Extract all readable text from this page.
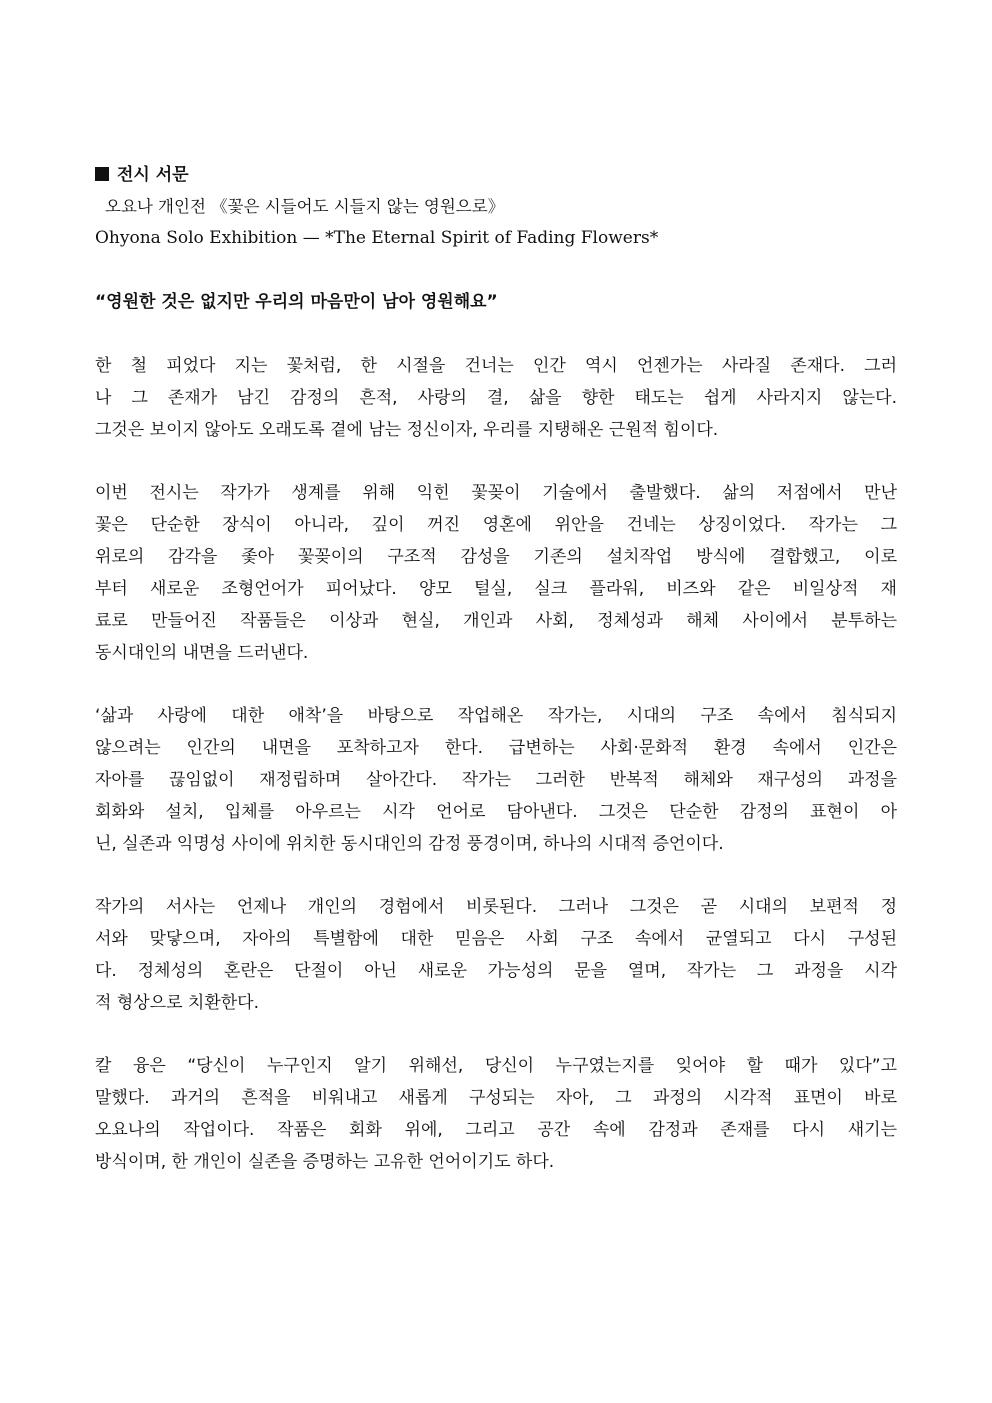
전시 서문
오요나 개인전 《꽃은 시들어도 시들지 않는 영원으로》
Ohyona Solo Exhibition — *The Eternal Spirit of Fading Flowers*
“영원한 것은 없지만 우리의 마음만이 남아 영원해요”
한 철 피었다 지는 꽃처럼, 한 시절을 건너는 인간 역시 언젠가는 사라질 존재다. 그러
나 그 존재가 남긴 감정의 흔적, 사랑의 결, 삶을 향한 태도는 쉽게 사라지지 않는다.
그것은 보이지 않아도 오래도록 곁에 남는 정신이자, 우리를 지탱해온 근원적 힘이다.
이번 전시는 작가가 생계를 위해 익힌 꽃꽂이 기술에서 출발했다. 삶의 저점에서 만난
꽃은 단순한 장식이 아니라, 깊이 꺼진 영혼에 위안을 건네는 상징이었다. 작가는 그
위로의 감각을 좇아 꽃꽂이의 구조적 감성을 기존의 설치작업 방식에 결합했고, 이로
부터 새로운 조형언어가 피어났다. 양모 털실, 실크 플라워, 비즈와 같은 비일상적 재
료로 만들어진 작품들은 이상과 현실, 개인과 사회, 정체성과 해체 사이에서 분투하는
동시대인의 내면을 드러낸다.
‘삶과 사랑에 대한 애착’을 바탕으로 작업해온 작가는, 시대의 구조 속에서 침식되지
않으려는 인간의 내면을 포착하고자 한다. 급변하는 사회·문화적 환경 속에서 인간은
자아를 끊임없이 재정립하며 살아간다. 작가는 그러한 반복적 해체와 재구성의 과정을
회화와 설치, 입체를 아우르는 시각 언어로 담아낸다. 그것은 단순한 감정의 표현이 아
닌, 실존과 익명성 사이에 위치한 동시대인의 감정 풍경이며, 하나의 시대적 증언이다.
작가의 서사는 언제나 개인의 경험에서 비롯된다. 그러나 그것은 곧 시대의 보편적 정
서와 맞닿으며, 자아의 특별함에 대한 믿음은 사회 구조 속에서 균열되고 다시 구성된
다. 정체성의 혼란은 단절이 아닌 새로운 가능성의 문을 열며, 작가는 그 과정을 시각
적 형상으로 치환한다.
칼 융은 “당신이 누구인지 알기 위해선, 당신이 누구였는지를 잊어야 할 때가 있다”고
말했다. 과거의 흔적을 비워내고 새롭게 구성되는 자아, 그 과정의 시각적 표면이 바로
오요나의 작업이다. 작품은 회화 위에, 그리고 공간 속에 감정과 존재를 다시 새기는
방식이며, 한 개인이 실존을 증명하는 고유한 언어이기도 하다.
